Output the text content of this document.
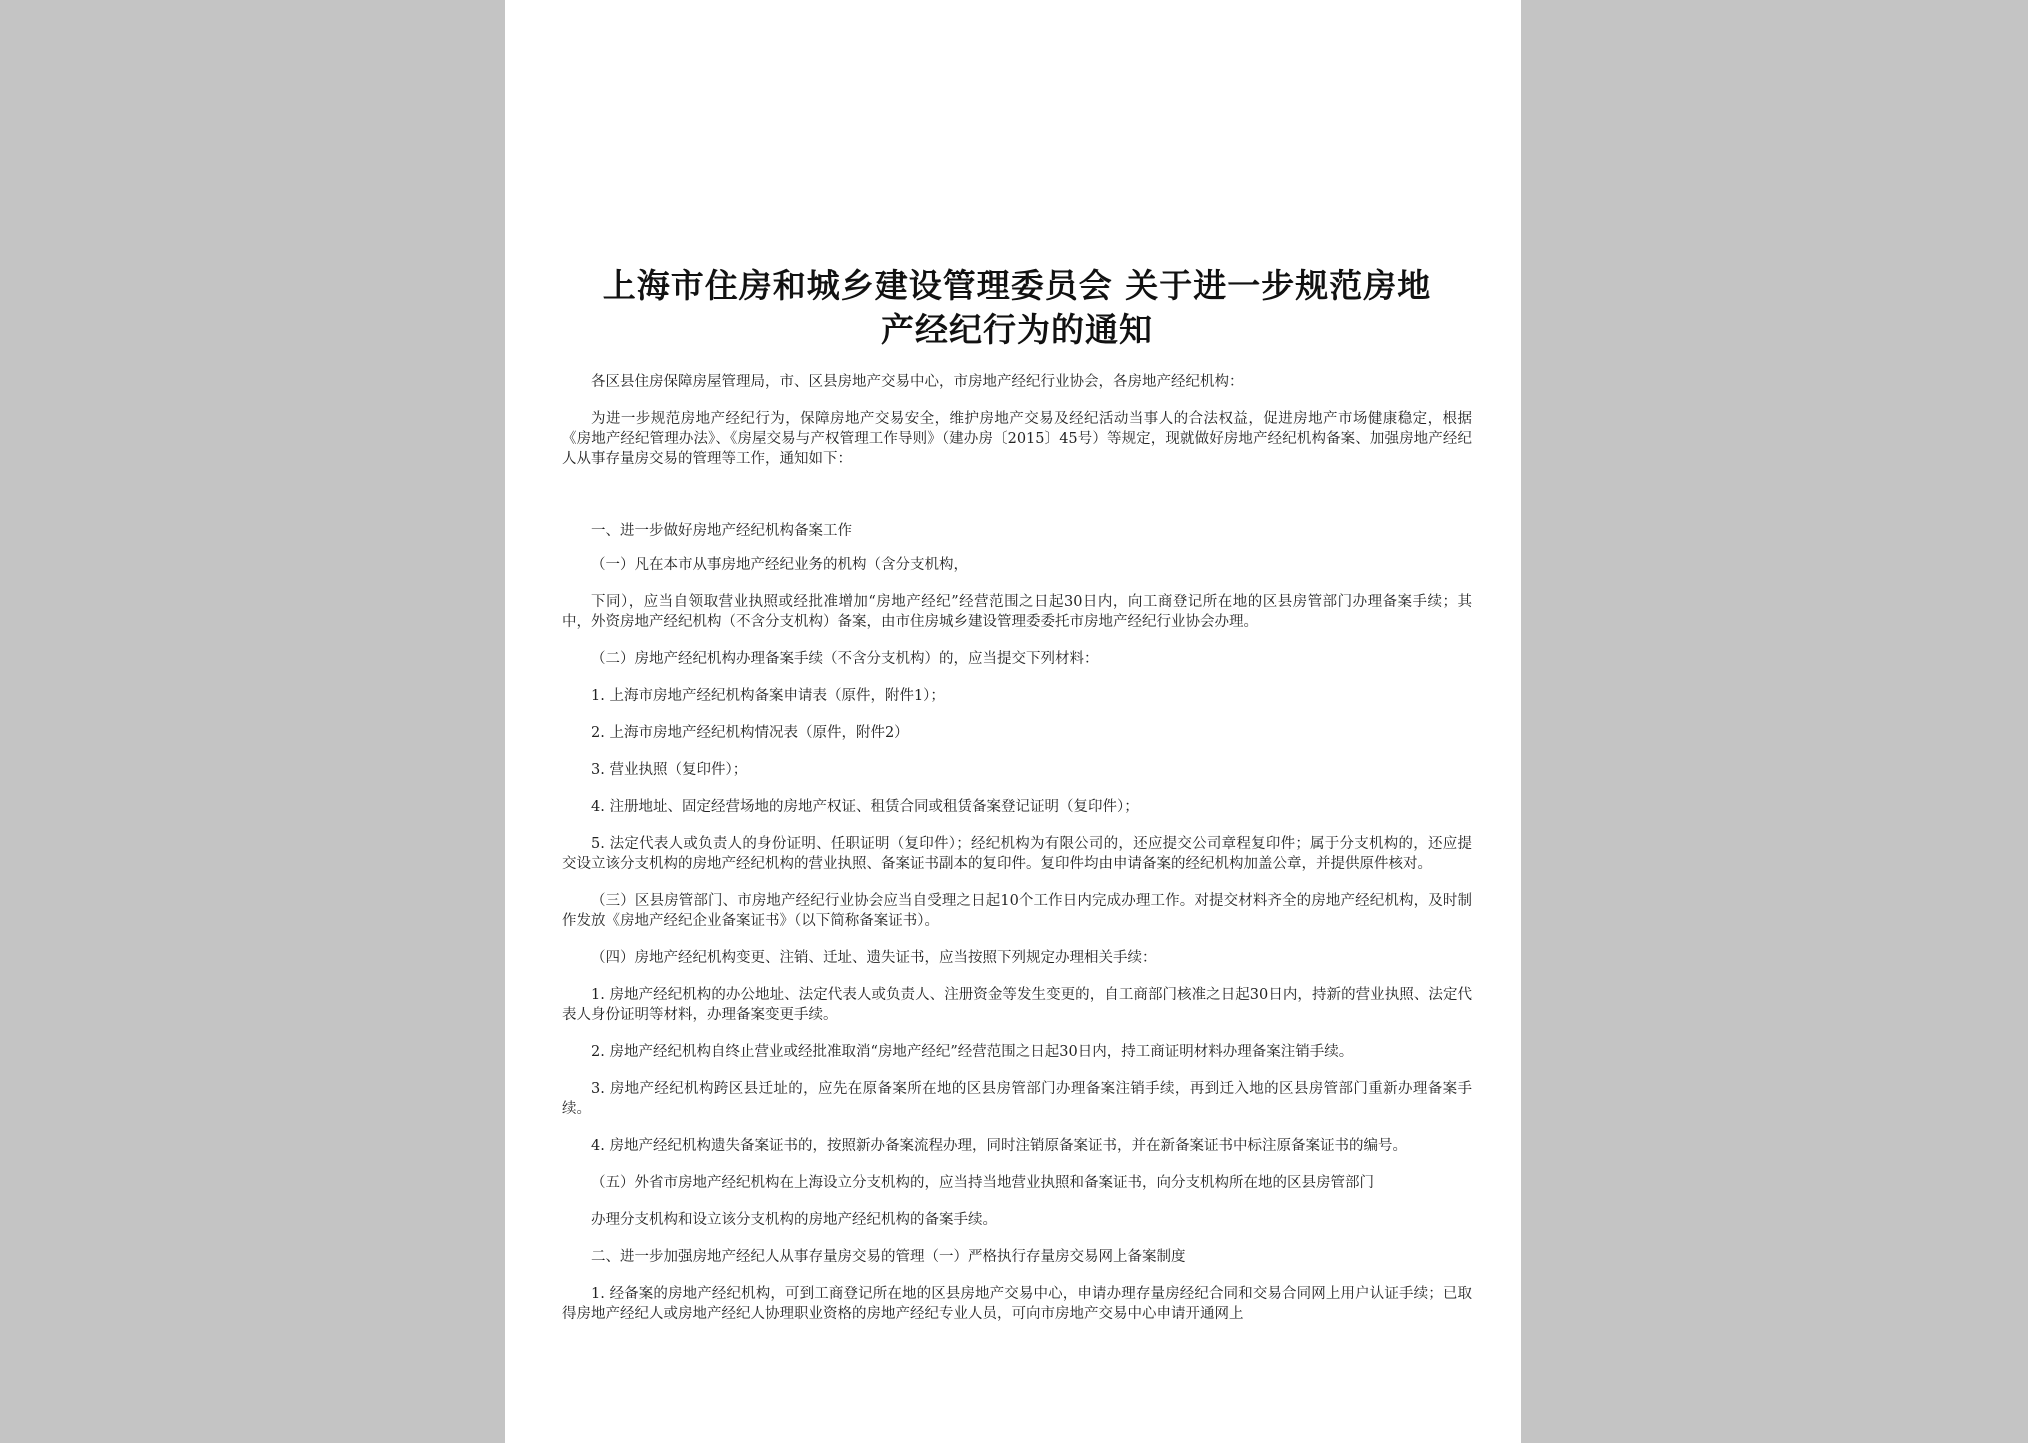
上海市住房和城乡建设管理委员会 关于进一步规范房地
产经纪行为的通知

各区县住房保障房屋管理局，市、区县房地产交易中心，市房地产经纪行业协会，各房地产经纪机构：

为进一步规范房地产经纪行为，保障房地产交易安全，维护房地产交易及经纪活动当事人的合法权益，促进房地产市场健康稳定，根据《房地产经纪管理办法》、《房屋交易与产权管理工作导则》（建办房〔2015〕45号）等规定，现就做好房地产经纪机构备案、加强房地产经纪人从事存量房交易的管理等工作，通知如下：

一、进一步做好房地产经纪机构备案工作

（一）凡在本市从事房地产经纪业务的机构（含分支机构，

下同），应当自领取营业执照或经批准增加“房地产经纪”经营范围之日起30日内，向工商登记所在地的区县房管部门办理备案手续；其中，外资房地产经纪机构（不含分支机构）备案，由市住房城乡建设管理委委托市房地产经纪行业协会办理。

（二）房地产经纪机构办理备案手续（不含分支机构）的，应当提交下列材料：

1. 上海市房地产经纪机构备案申请表（原件，附件1）；

2. 上海市房地产经纪机构情况表（原件，附件2）

3. 营业执照（复印件）；

4. 注册地址、固定经营场地的房地产权证、租赁合同或租赁备案登记证明（复印件）；

5. 法定代表人或负责人的身份证明、任职证明（复印件）；经纪机构为有限公司的，还应提交公司章程复印件；属于分支机构的，还应提交设立该分支机构的房地产经纪机构的营业执照、备案证书副本的复印件。复印件均由申请备案的经纪机构加盖公章，并提供原件核对。

（三）区县房管部门、市房地产经纪行业协会应当自受理之日起10个工作日内完成办理工作。对提交材料齐全的房地产经纪机构，及时制作发放《房地产经纪企业备案证书》（以下简称备案证书）。

（四）房地产经纪机构变更、注销、迁址、遗失证书，应当按照下列规定办理相关手续：

1. 房地产经纪机构的办公地址、法定代表人或负责人、注册资金等发生变更的，自工商部门核准之日起30日内，持新的营业执照、法定代表人身份证明等材料，办理备案变更手续。

2. 房地产经纪机构自终止营业或经批准取消“房地产经纪”经营范围之日起30日内，持工商证明材料办理备案注销手续。

3. 房地产经纪机构跨区县迁址的，应先在原备案所在地的区县房管部门办理备案注销手续，再到迁入地的区县房管部门重新办理备案手续。

4. 房地产经纪机构遗失备案证书的，按照新办备案流程办理，同时注销原备案证书，并在新备案证书中标注原备案证书的编号。

（五）外省市房地产经纪机构在上海设立分支机构的，应当持当地营业执照和备案证书，向分支机构所在地的区县房管部门

办理分支机构和设立该分支机构的房地产经纪机构的备案手续。

二、进一步加强房地产经纪人从事存量房交易的管理（一）严格执行存量房交易网上备案制度

1. 经备案的房地产经纪机构，可到工商登记所在地的区县房地产交易中心，申请办理存量房经纪合同和交易合同网上用户认证手续；已取得房地产经纪人或房地产经纪人协理职业资格的房地产经纪专业人员，可向市房地产交易中心申请开通网上
